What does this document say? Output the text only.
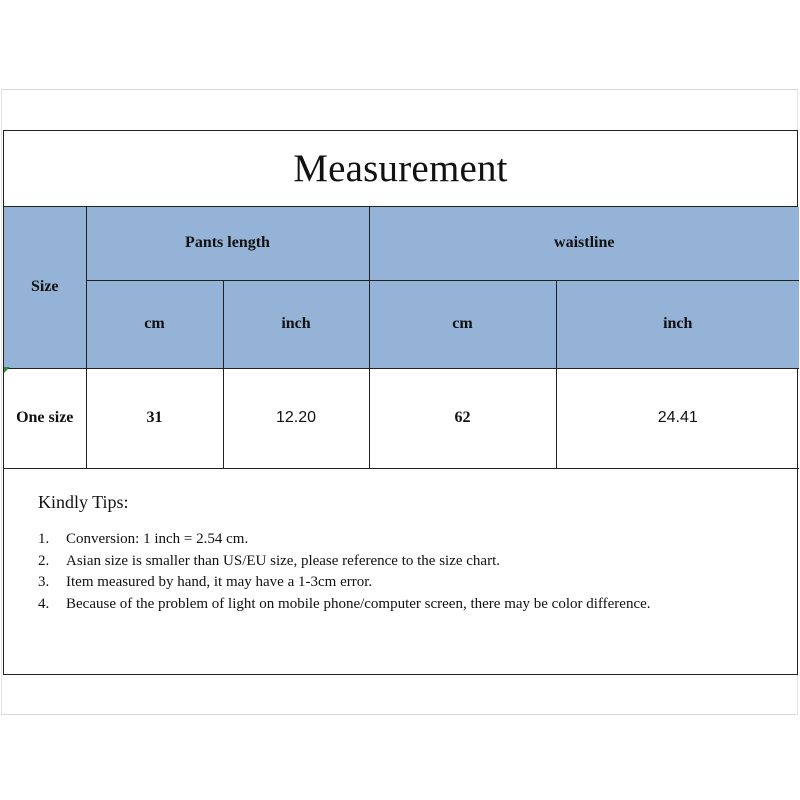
Measurement
Size	Pants length		waistline	
	cm	inch	cm	inch
One size	31	12.20	62	24.41
Kindly Tips:
1.	Conversion: 1 inch = 2.54 cm.
2.	Asian size is smaller than US/EU size, please reference to the size chart.
3.	Item measured by hand, it may have a 1-3cm error.
4.	Because of the problem of light on mobile phone/computer screen, there may be color difference.
